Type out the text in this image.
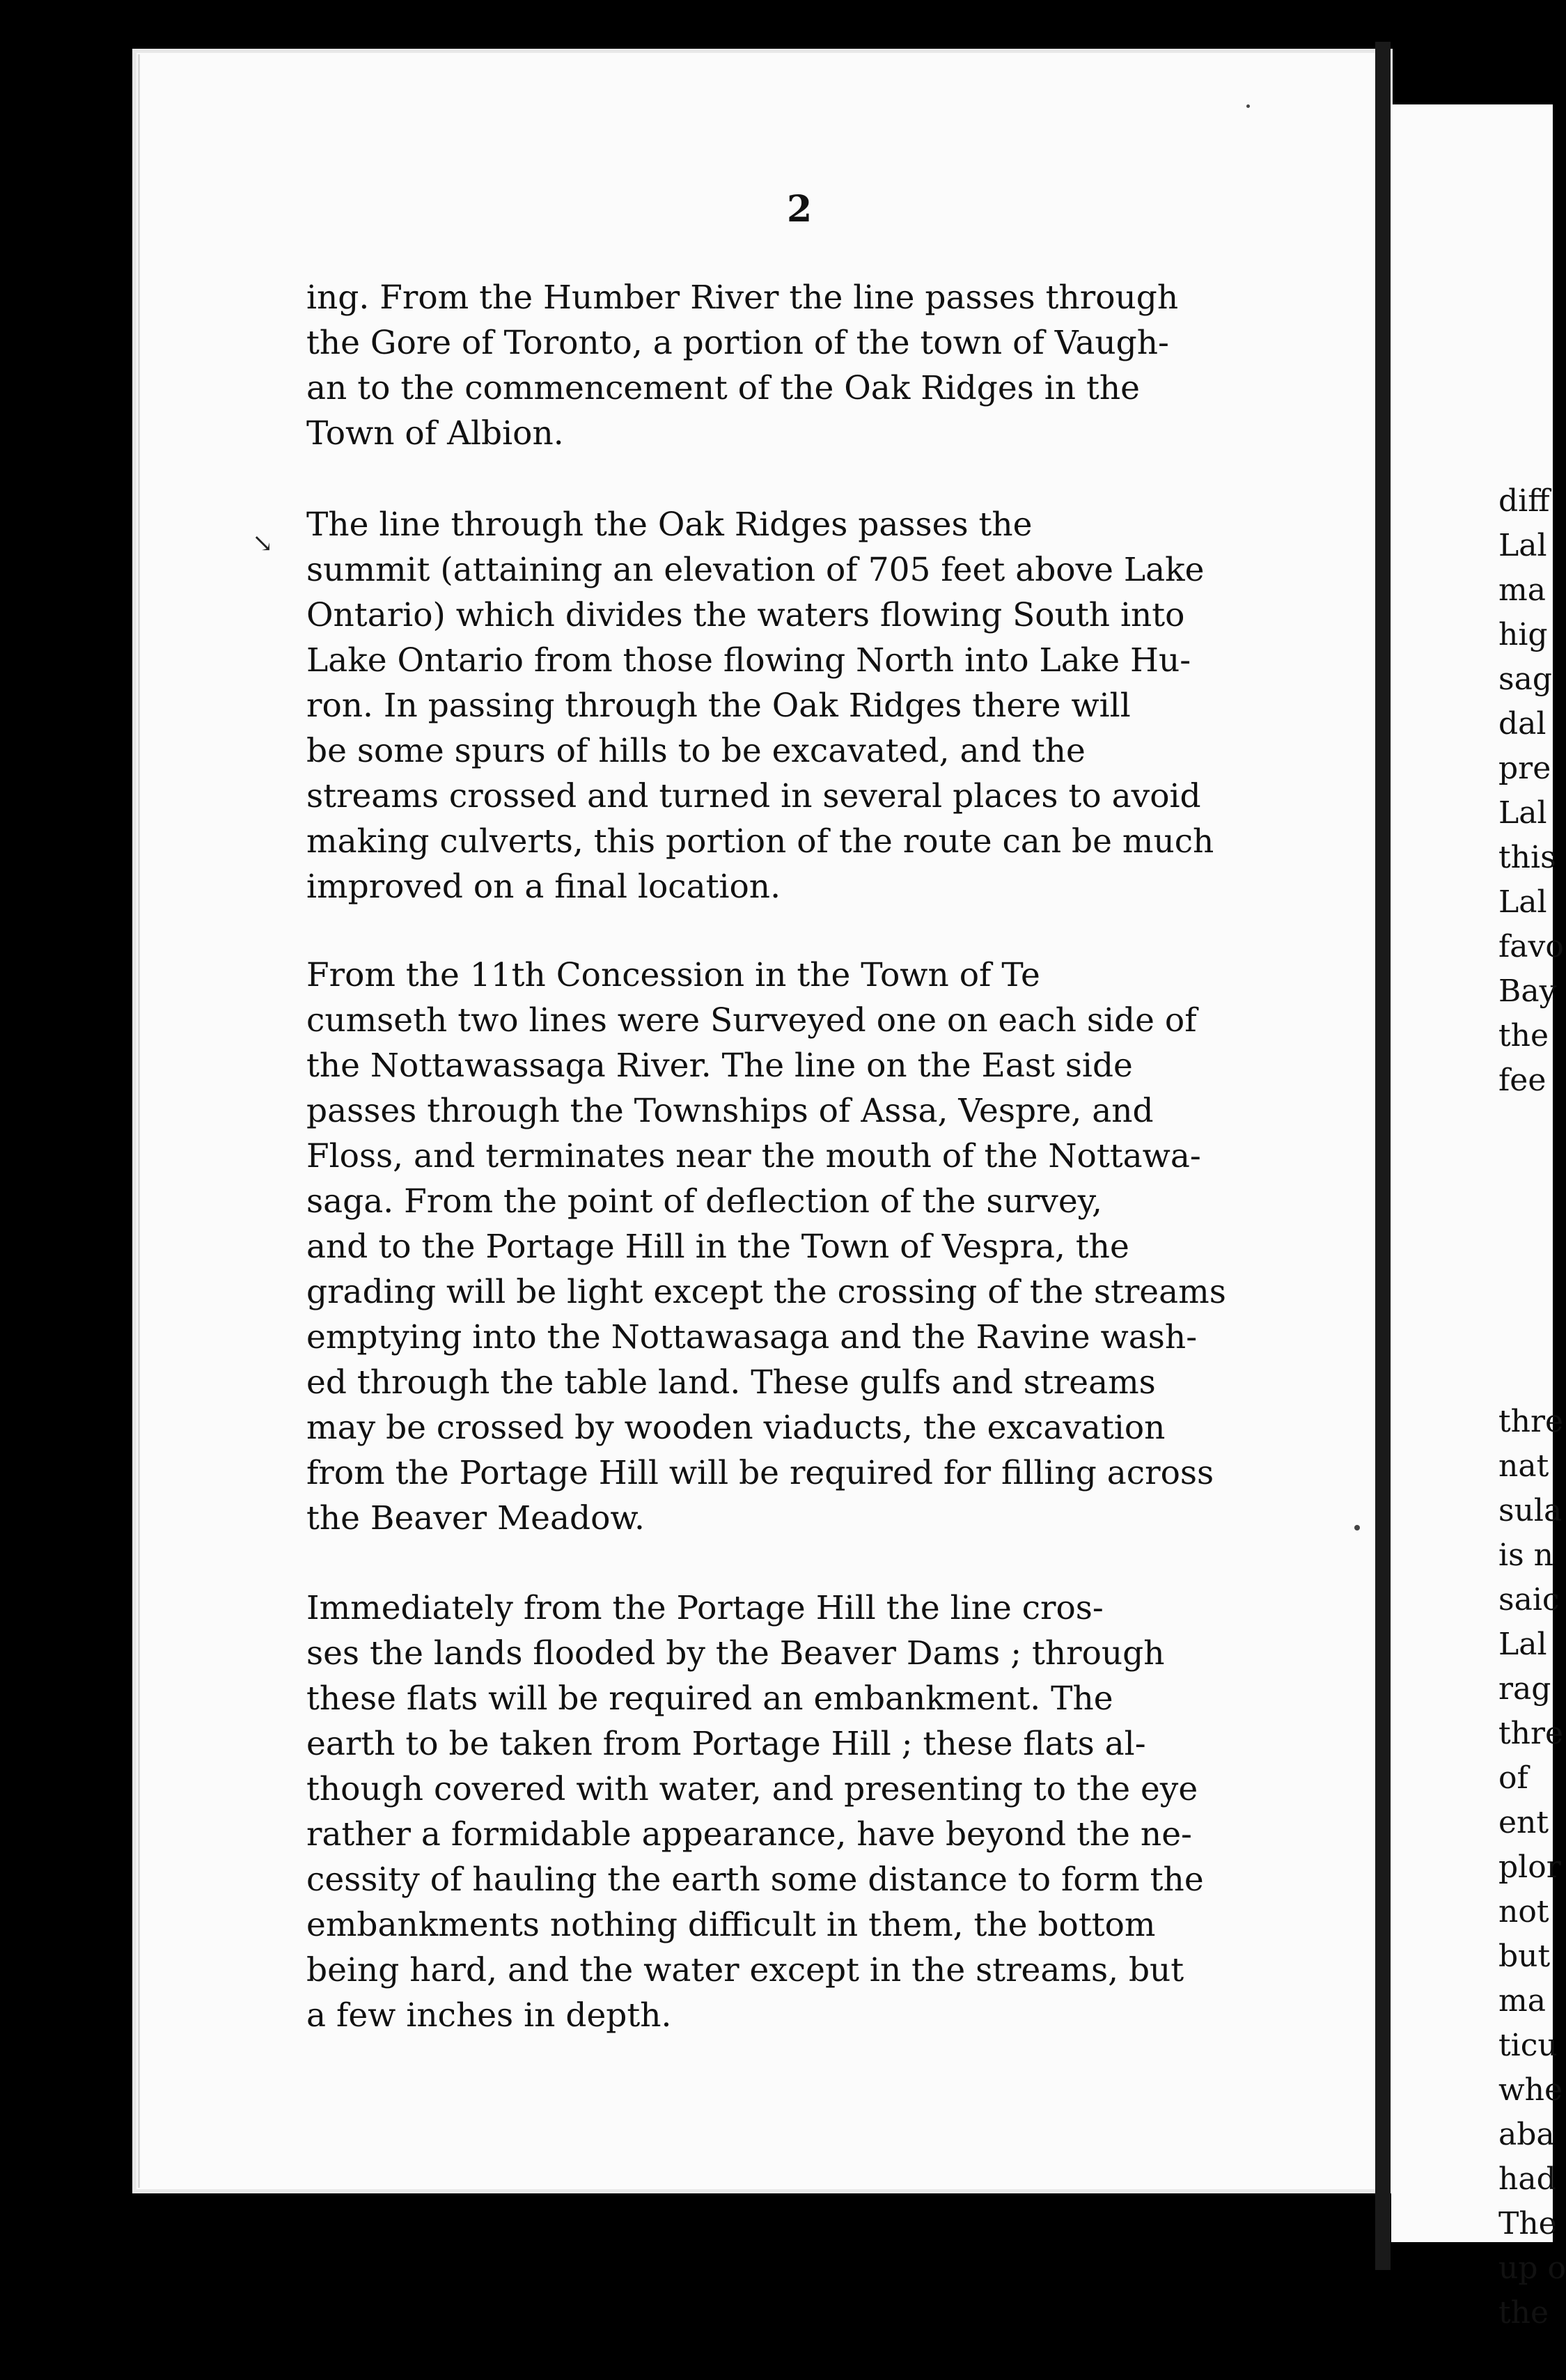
2
↘

ing. From the Humber River the line passes through
the Gore of Toronto, a portion of the town of Vaugh-
an to the commencement of the Oak Ridges in the
Town of Albion.

The line through the Oak Ridges passes the
summit (attaining an elevation of 705 feet above Lake
Ontario) which divides the waters flowing South into
Lake Ontario from those flowing North into Lake Hu-
ron. In passing through the Oak Ridges there will
be some spurs of hills to be excavated, and the
streams crossed and turned in several places to avoid
making culverts, this portion of the route can be much
improved on a final location.

From the 11th Concession in the Town of Te
cumseth two lines were Surveyed one on each side of
the Nottawassaga River. The line on the East side
passes through the Townships of Assa, Vespre, and
Floss, and terminates near the mouth of the Nottawa-
saga. From the point of deflection of the survey,
and to the Portage Hill in the Town of Vespra, the
grading will be light except the crossing of the streams
emptying into the Nottawasaga and the Ravine wash-
ed through the table land. These gulfs and streams
may be crossed by wooden viaducts, the excavation
from the Portage Hill will be required for filling across
the Beaver Meadow.

Immediately from the Portage Hill the line cros-
ses the lands flooded by the Beaver Dams ; through
these flats will be required an embankment. The
earth to be taken from Portage Hill ; these flats al-
though covered with water, and presenting to the eye
rather a formidable appearance, have beyond the ne-
cessity of hauling the earth some distance to form the
embankments nothing difficult in them, the bottom
being hard, and the water except in the streams, but
a few inches in depth.

diff
Lal
ma
hig
sag
dal
pre
Lal
this
Lal
favo
Bay
the
fee

thre
nat
sula
is n
saic
Lal
rag
thre
of
ent
plor
not
but
ma
ticu
whe
aba
had
The
up o
the
